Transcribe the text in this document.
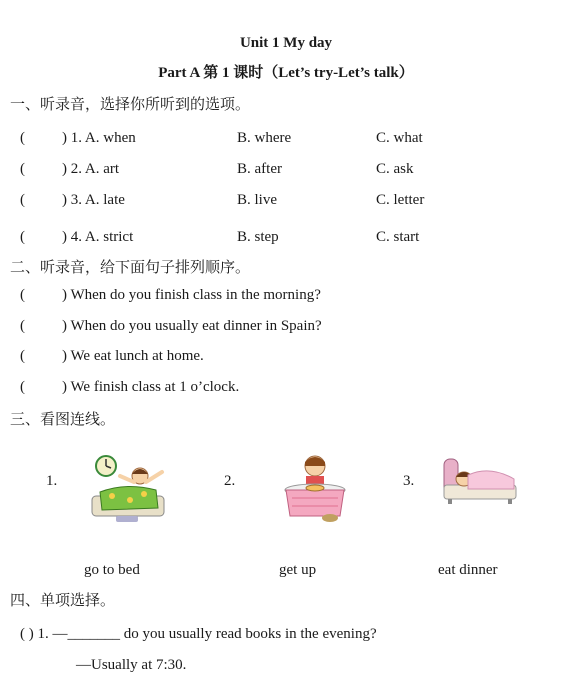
Unit 1 My day
Part A 第 1 课时（Let’s try-Let’s talk）
一、听录音，选择你所听到的选项。
( ) 1. A. when	B. where	C. what
( ) 2. A. art	B. after	C. ask
( ) 3. A. late	B. live	C. letter
( ) 4. A. strict	B. step	C. start
二、听录音，给下面句子排列顺序。
( ) When do you finish class in the morning?
( ) When do you usually eat dinner in Spain?
( ) We eat lunch at home.
( ) We finish class at 1 o’clock.
三、看图连线。
1.	2.	3.
go to bed	get up	eat dinner
四、单项选择。
( ) 1. —_______ do you usually read books in the evening?
—Usually at 7:30.
